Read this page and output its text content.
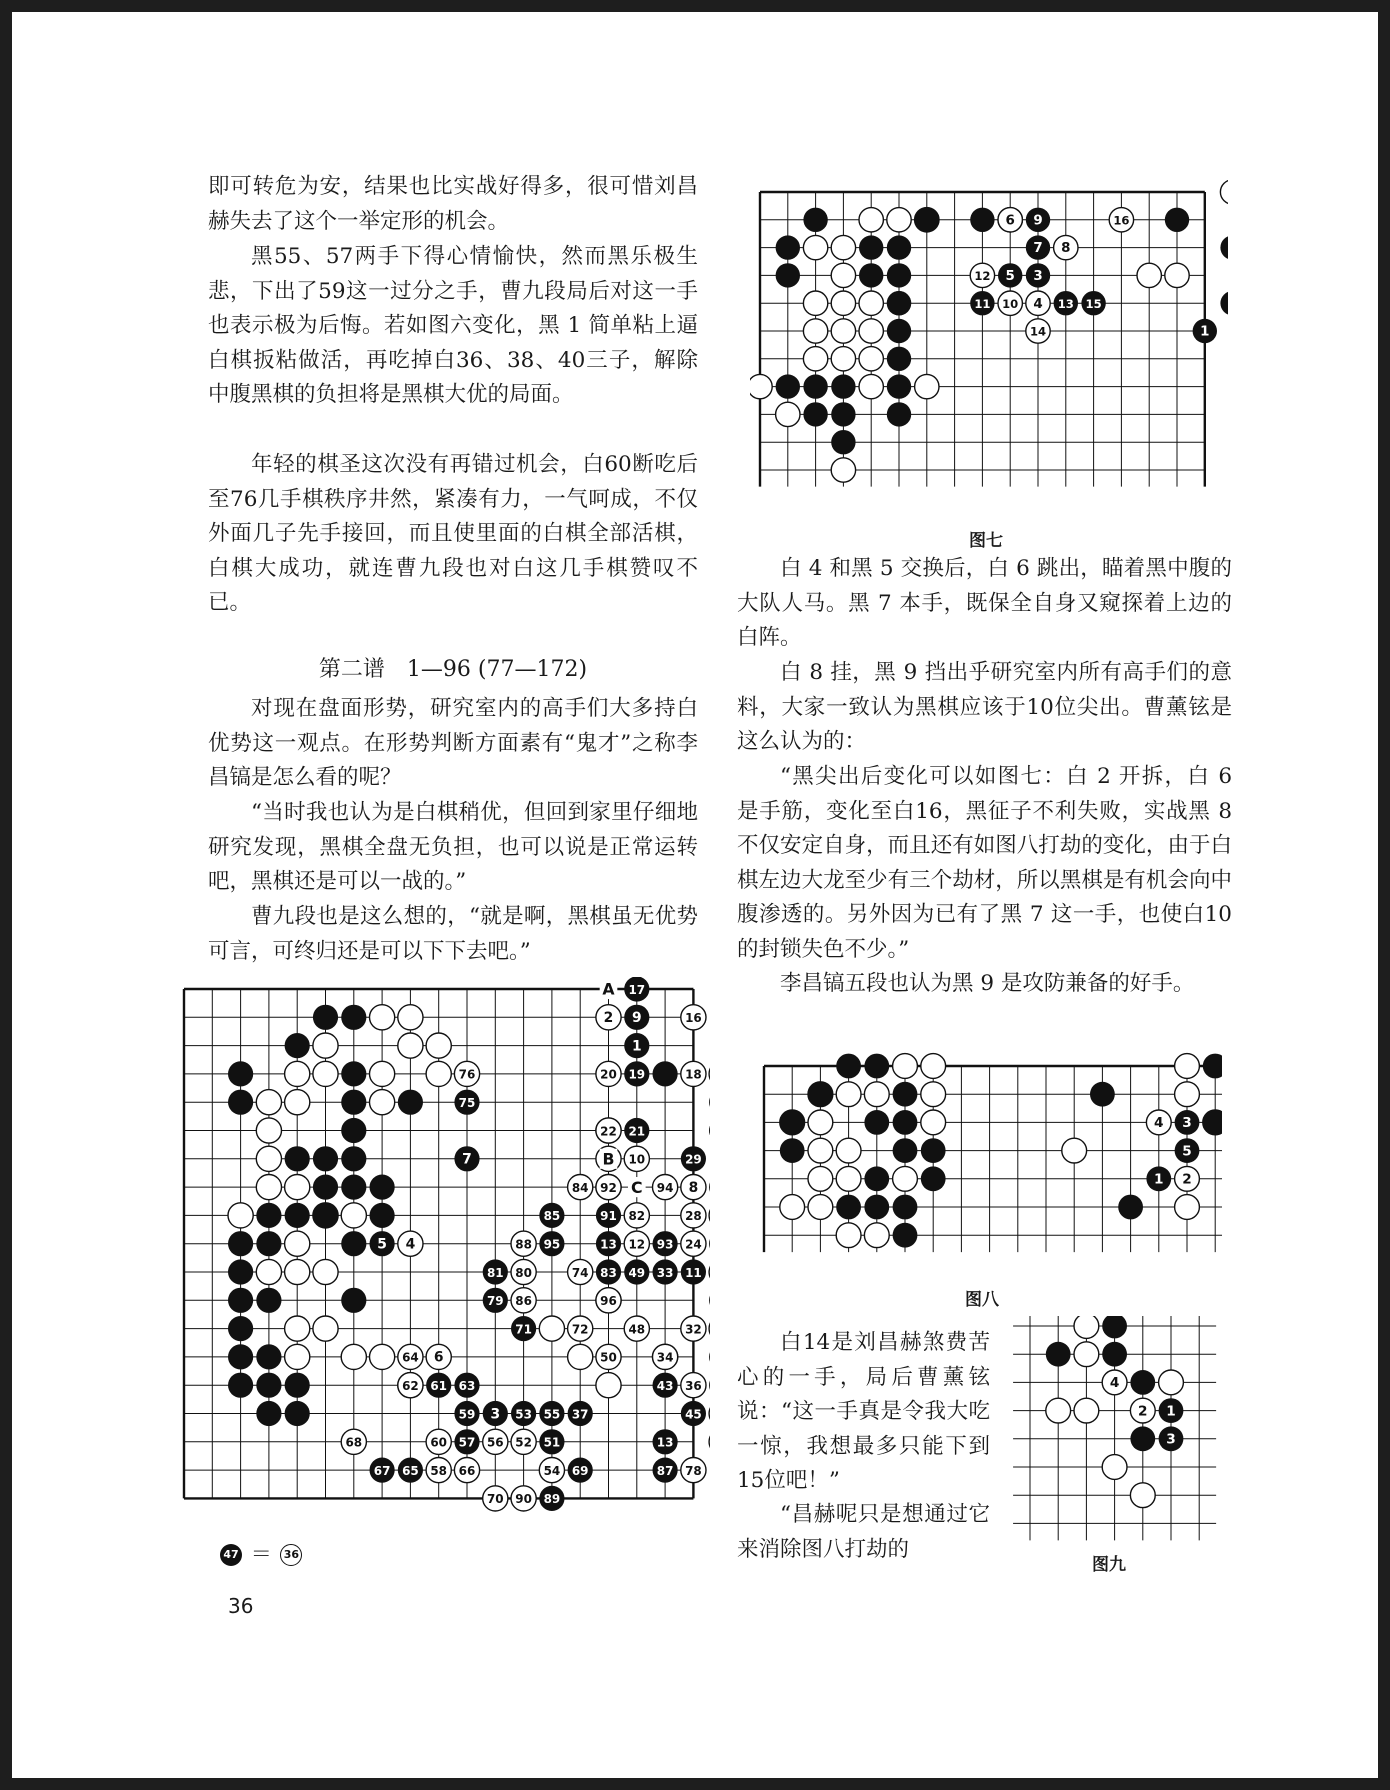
即可转危为安，结果也比实战好得多，很可惜刘昌赫失去了这个一举定形的机会。

黑55、57两手下得心情愉快，然而黑乐极生悲，下出了59这一过分之手，曹九段局后对这一手也表示极为后悔。若如图六变化，黑 1 简单粘上逼白棋扳粘做活，再吃掉白36、38、40三子，解除中腹黑棋的负担将是黑棋大优的局面。

年轻的棋圣这次没有再错过机会，白60断吃后至76几手棋秩序井然，紧凑有力，一气呵成，不仅外面几子先手接回，而且使里面的白棋全部活棋，白棋大成功，就连曹九段也对白这几手棋赞叹不已。

第二谱　1—96 (77—172)

对现在盘面形势，研究室内的高手们大多持白优势这一观点。在形势判断方面素有“鬼才”之称李昌镐是怎么看的呢？

“当时我也认为是白棋稍优，但回到家里仔细地研究发现，黑棋全盘无负担，也可以说是正常运转吧，黑棋还是可以一战的。”

曹九段也是这么想的，“就是啊，黑棋虽无优势可言，可终归还是可以下下去吧。”

17
2 9	16
1
76	20 19	18
75
22 21
7	10	29
84 92	94 8
85	91 82	28
5 4	88 95	13 12 93 24
81 80	74 83 49 33 11
79 86	96
71	72	48	32
64 6	50	34
62 61 63	43 36
59 3 53 55 37	45
68	60 57 56 52 51	13
67 65 58 66	54 69	87 78
70 90 89
A
B
C
47 ＝ 36
6 9	16
7 8
12 5 3
11 10 4 13 15
14	1
图七

白 4 和黑 5 交换后，白 6 跳出，瞄着黑中腹的大队人马。黑 7 本手，既保全自身又窥探着上边的白阵。

白 8 挂，黑 9 挡出乎研究室内所有高手们的意料，大家一致认为黑棋应该于10位尖出。曹薰铉是这么认为的：

“黑尖出后变化可以如图七：白 2 开拆，白 6 是手筋，变化至白16，黑征子不利失败，实战黑 8 不仅安定自身，而且还有如图八打劫的变化，由于白棋左边大龙至少有三个劫材，所以黑棋是有机会向中腹渗透的。另外因为已有了黑 7 这一手，也使白10的封锁失色不少。”

李昌镐五段也认为黑 9 是攻防兼备的好手。

4 3
5
1 2
图八

白14是刘昌赫煞费苦心的一手，局后曹薰铉说：“这一手真是令我大吃一惊，我想最多只能下到15位吧！”

“昌赫呢只是想通过它来消除图八打劫的

4
2 1
3
图九
36
